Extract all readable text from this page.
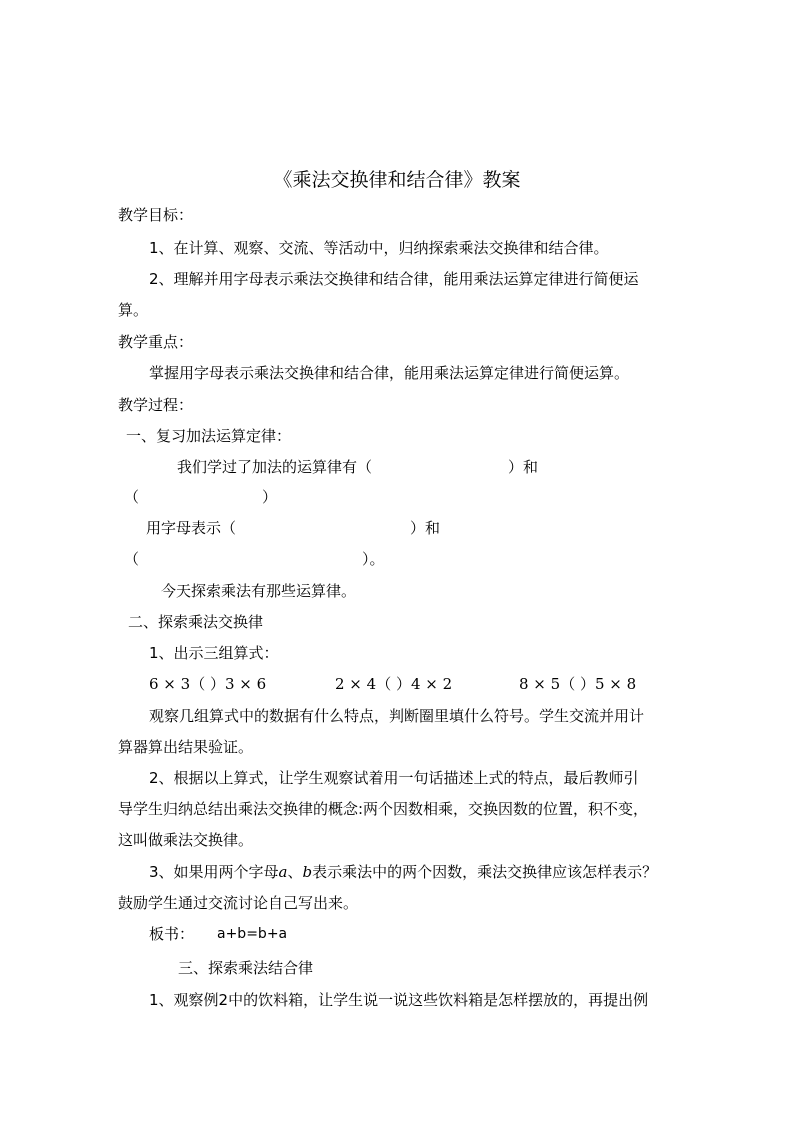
《乘法交换律和结合律》教案
教学目标：
1、在计算、观察、交流、等活动中，归纳探索乘法交换律和结合律。
2、理解并用字母表示乘法交换律和结合律，能用乘法运算定律进行简便运
算。
教学重点：
掌握用字母表示乘法交换律和结合律，能用乘法运算定律进行简便运算。
教学过程：
一、复习加法运算定律：
我们学过了加法的运算律有（	）和
（	）
用字母表示（	）和
（	）。
今天探索乘法有那些运算律。
二、探索乘法交换律
1、出示三组算式：
6 × 3（ ）3 × 6	2 × 4（ ）4 × 2	8 × 5（ ）5 × 8
观察几组算式中的数据有什么特点，判断圈里填什么符号。学生交流并用计
算器算出结果验证。
2、根据以上算式，让学生观察试着用一句话描述上式的特点，最后教师引
导学生归纳总结出乘法交换律的概念:两个因数相乘，交换因数的位置，积不变，
这叫做乘法交换律。
3、如果用两个字母a、b表示乘法中的两个因数，乘法交换律应该怎样表示？
鼓励学生通过交流讨论自己写出来。
板书： a+b=b+a
三、探索乘法结合律
1、观察例2中的饮料箱，让学生说一说这些饮料箱是怎样摆放的，再提出例
